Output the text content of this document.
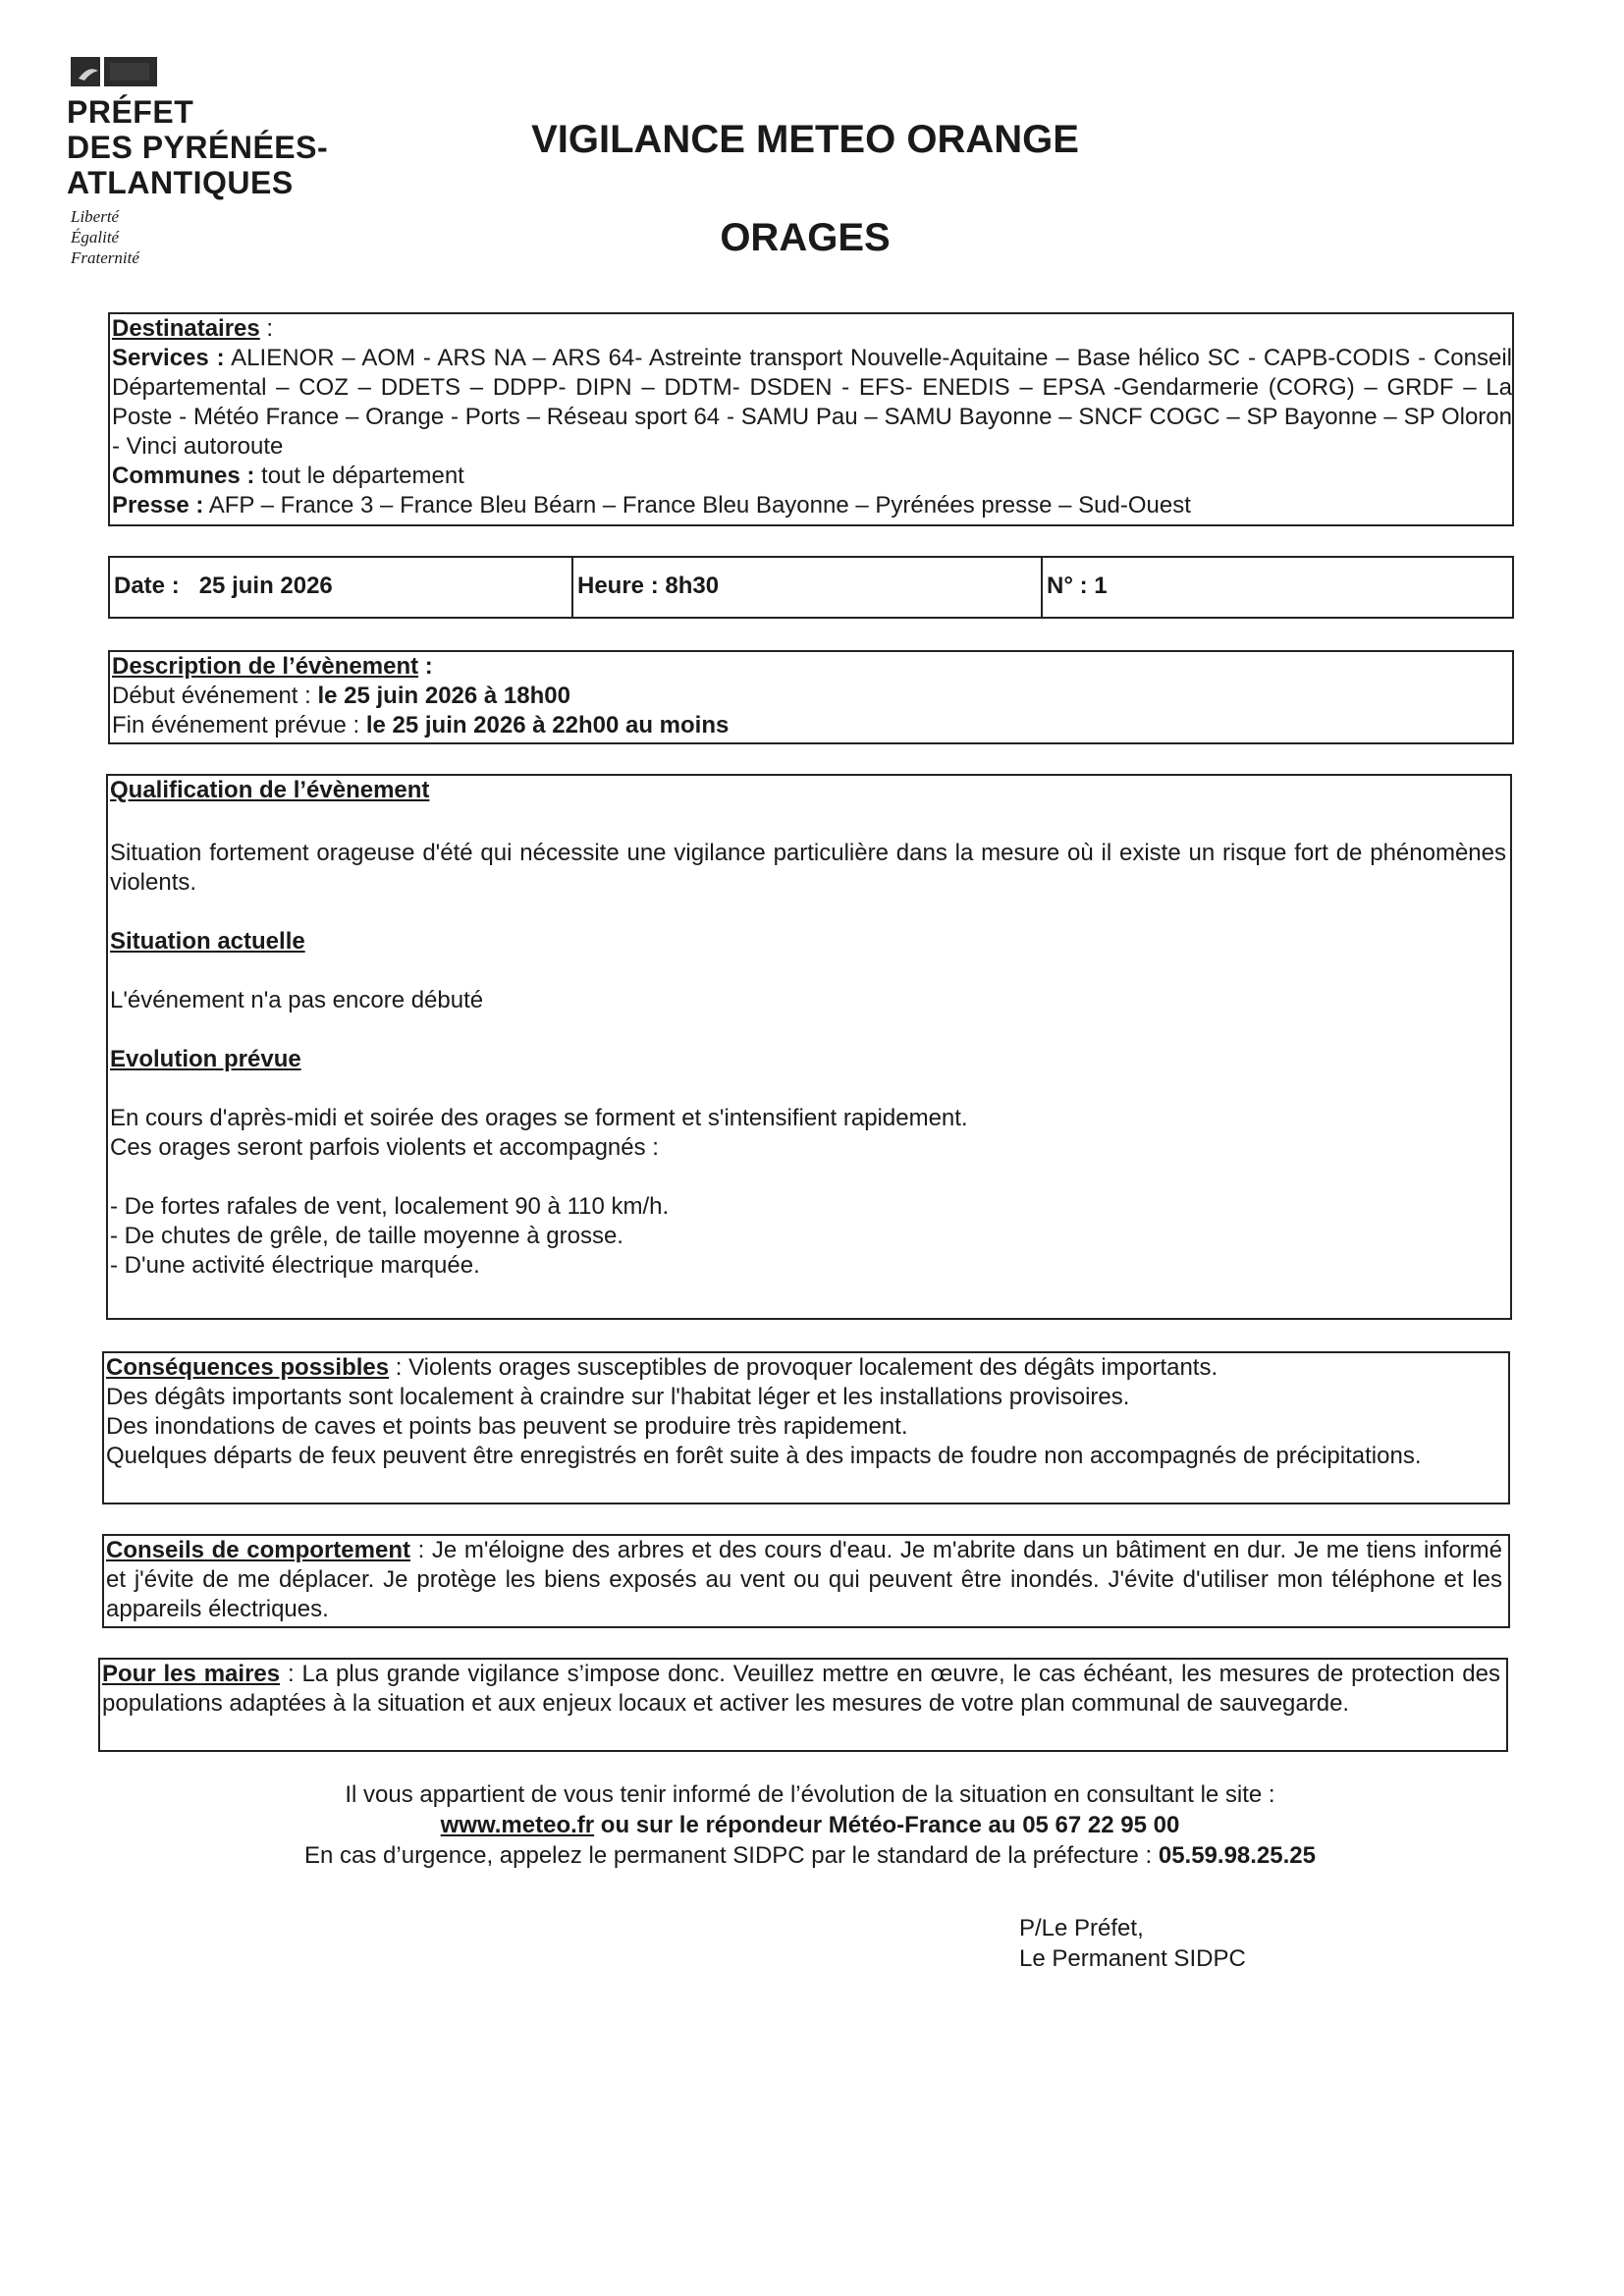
PRÉFET
DES PYRÉNÉES-
ATLANTIQUES
Liberté
Égalité
Fraternité
VIGILANCE METEO ORANGE
ORAGES

Destinataires :

Services : ALIENOR – AOM - ARS NA – ARS 64- Astreinte transport Nouvelle-Aquitaine – Base hélico SC - CAPB-CODIS - Conseil Départemental – COZ – DDETS – DDPP- DIPN – DDTM- DSDEN - EFS- ENEDIS – EPSA -Gendarmerie (CORG) – GRDF – La Poste - Météo France – Orange - Ports – Réseau sport 64 - SAMU Pau – SAMU Bayonne – SNCF COGC – SP Bayonne – SP Oloron - Vinci autoroute

Communes : tout le département

Presse : AFP – France 3 – France Bleu Béarn – France Bleu Bayonne – Pyrénées presse – Sud-Ouest

Date : 25 juin 2026	Heure : 8h30	N° : 1

Description de l’évènement :

Début événement : le 25 juin 2026 à 18h00

Fin événement prévue : le 25 juin 2026 à 22h00 au moins

Qualification de l’évènement

Situation fortement orageuse d'été qui nécessite une vigilance particulière dans la mesure où il existe un risque fort de phénomènes violents.

Situation actuelle

L'événement n'a pas encore débuté

Evolution prévue

En cours d'après-midi et soirée des orages se forment et s'intensifient rapidement.

Ces orages seront parfois violents et accompagnés :

- De fortes rafales de vent, localement 90 à 110 km/h.

- De chutes de grêle, de taille moyenne à grosse.

- D'une activité électrique marquée.

Conséquences possibles : Violents orages susceptibles de provoquer localement des dégâts importants.

Des dégâts importants sont localement à craindre sur l'habitat léger et les installations provisoires.

Des inondations de caves et points bas peuvent se produire très rapidement.

Quelques départs de feux peuvent être enregistrés en forêt suite à des impacts de foudre non accompagnés de précipitations.

Conseils de comportement : Je m'éloigne des arbres et des cours d'eau. Je m'abrite dans un bâtiment en dur. Je me tiens informé et j'évite de me déplacer. Je protège les biens exposés au vent ou qui peuvent être inondés. J'évite d'utiliser mon téléphone et les appareils électriques.

Pour les maires : La plus grande vigilance s’impose donc. Veuillez mettre en œuvre, le cas échéant, les mesures de protection des populations adaptées à la situation et aux enjeux locaux et activer les mesures de votre plan communal de sauvegarde.

Il vous appartient de vous tenir informé de l’évolution de la situation en consultant le site :
www.meteo.fr ou sur le répondeur Météo-France au 05 67 22 95 00
En cas d’urgence, appelez le permanent SIDPC par le standard de la préfecture : 05.59.98.25.25
P/Le Préfet,
Le Permanent SIDPC
